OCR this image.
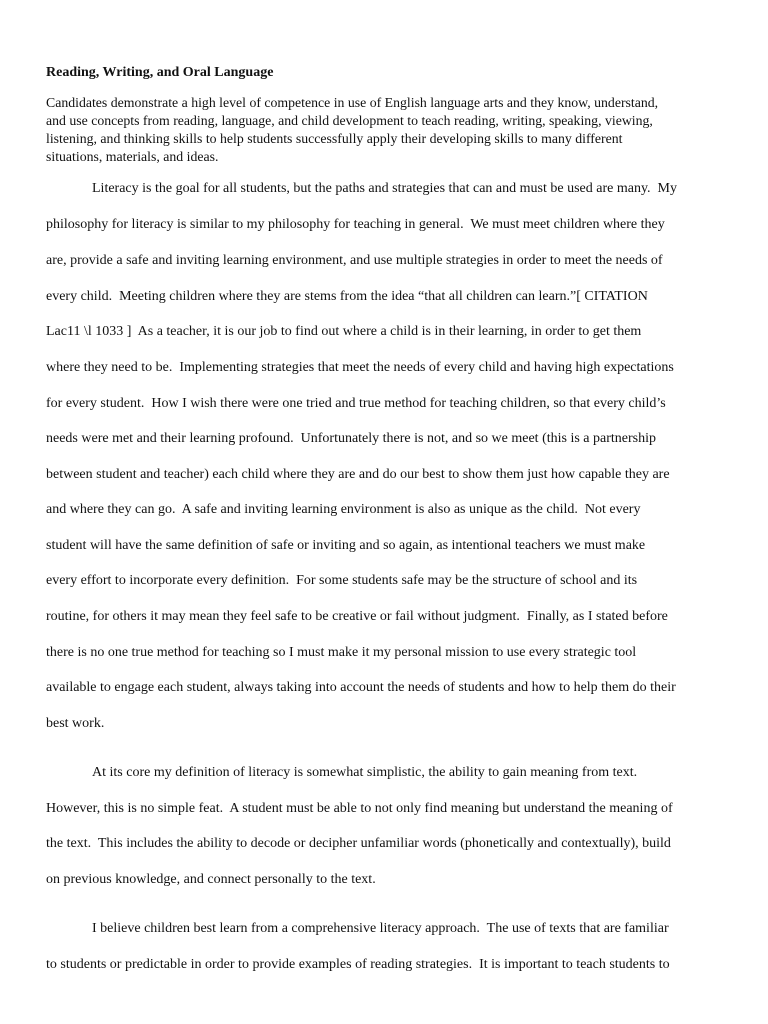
Reading, Writing, and Oral Language
Candidates demonstrate a high level of competence in use of English language arts and they know, understand,
and use concepts from reading, language, and child development to teach reading, writing, speaking, viewing,
listening, and thinking skills to help students successfully apply their developing skills to many different
situations, materials, and ideas.
Literacy is the goal for all students, but the paths and strategies that can and must be used are many.  My
philosophy for literacy is similar to my philosophy for teaching in general.  We must meet children where they
are, provide a safe and inviting learning environment, and use multiple strategies in order to meet the needs of
every child.  Meeting children where they are stems from the idea “that all children can learn.”[ CITATION
Lac11 \l 1033 ]  As a teacher, it is our job to find out where a child is in their learning, in order to get them
where they need to be.  Implementing strategies that meet the needs of every child and having high expectations
for every student.  How I wish there were one tried and true method for teaching children, so that every child’s
needs were met and their learning profound.  Unfortunately there is not, and so we meet (this is a partnership
between student and teacher) each child where they are and do our best to show them just how capable they are
and where they can go.  A safe and inviting learning environment is also as unique as the child.  Not every
student will have the same definition of safe or inviting and so again, as intentional teachers we must make
every effort to incorporate every definition.  For some students safe may be the structure of school and its
routine, for others it may mean they feel safe to be creative or fail without judgment.  Finally, as I stated before
there is no one true method for teaching so I must make it my personal mission to use every strategic tool
available to engage each student, always taking into account the needs of students and how to help them do their
best work.
At its core my definition of literacy is somewhat simplistic, the ability to gain meaning from text.
However, this is no simple feat.  A student must be able to not only find meaning but understand the meaning of
the text.  This includes the ability to decode or decipher unfamiliar words (phonetically and contextually), build
on previous knowledge, and connect personally to the text.
I believe children best learn from a comprehensive literacy approach.  The use of texts that are familiar
to students or predictable in order to provide examples of reading strategies.  It is important to teach students to
